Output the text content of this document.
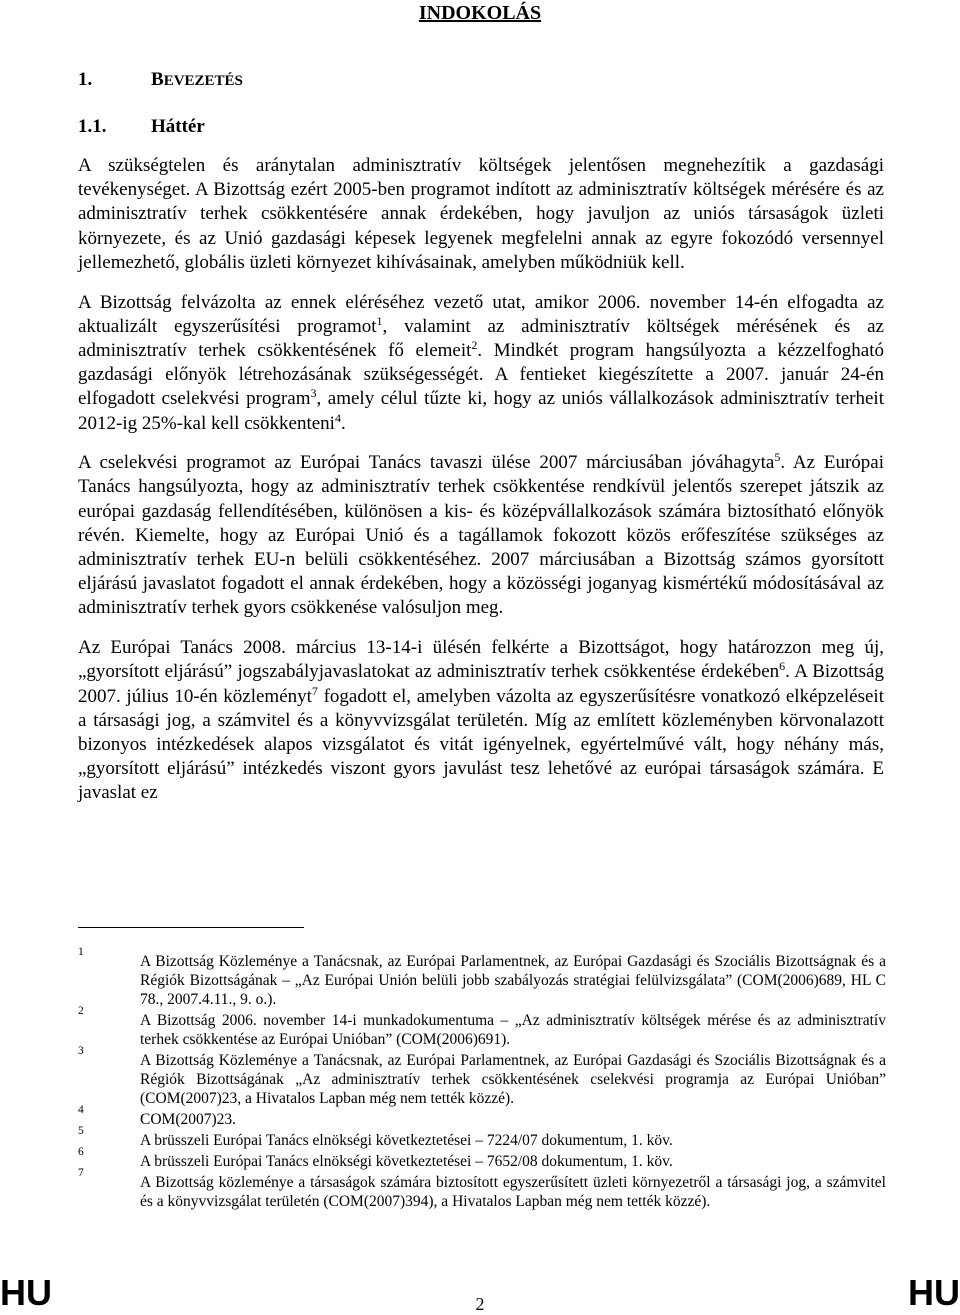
INDOKOLÁS
1.	BEVEZETÉS
1.1. Háttér

A szükségtelen és aránytalan adminisztratív költségek jelentősen megnehezítik a gazdasági tevékenységet. A Bizottság ezért 2005-ben programot indított az adminisztratív költségek mérésére és az adminisztratív terhek csökkentésére annak érdekében, hogy javuljon az uniós társaságok üzleti környezete, és az Unió gazdasági képesek legyenek megfelelni annak az egyre fokozódó versennyel jellemezhető, globális üzleti környezet kihívásainak, amelyben működniük kell.

A Bizottság felvázolta az ennek eléréséhez vezető utat, amikor 2006. november 14-én elfogadta az aktualizált egyszerűsítési programot$^1$, valamint az adminisztratív költségek mérésének és az adminisztratív terhek csökkentésének fő elemeit$^2$. Mindkét program hangsúlyozta a kézzelfogható gazdasági előnyök létrehozásának szükségességét. A fentieket kiegészítette a 2007. január 24-én elfogadott cselekvési program$^3$, amely célul tűzte ki, hogy az uniós vállalkozások adminisztratív terheit 2012-ig 25%-kal kell csökkenteni$^4$.

A cselekvési programot az Európai Tanács tavaszi ülése 2007 márciusában jóváhagyta$^5$. Az Európai Tanács hangsúlyozta, hogy az adminisztratív terhek csökkentése rendkívül jelentős szerepet játszik az európai gazdaság fellendítésében, különösen a kis- és középvállalkozások számára biztosítható előnyök révén. Kiemelte, hogy az Európai Unió és a tagállamok fokozott közös erőfeszítése szükséges az adminisztratív terhek EU-n belüli csökkentéséhez. 2007 márciusában a Bizottság számos gyorsított eljárású javaslatot fogadott el annak érdekében, hogy a közösségi joganyag kismértékű módosításával az adminisztratív terhek gyors csökkenése valósuljon meg.

Az Európai Tanács 2008. március 13-14-i ülésén felkérte a Bizottságot, hogy határozzon meg új, „gyorsított eljárású” jogszabályjavaslatokat az adminisztratív terhek csökkentése érdekében$^6$. A Bizottság 2007. július 10-én közleményt$^7$ fogadott el, amelyben vázolta az egyszerűsítésre vonatkozó elképzeléseit a társasági jog, a számvitel és a könyvvizsgálat területén. Míg az említett közleményben körvonalazott bizonyos intézkedések alapos vizsgálatot és vitát igényelnek, egyértelművé vált, hogy néhány más, „gyorsított eljárású” intézkedés viszont gyors javulást tesz lehetővé az európai társaságok számára. E javaslat ez

1
A Bizottság Közleménye a Tanácsnak, az Európai Parlamentnek, az Európai Gazdasági és Szociális Bizottságnak és a Régiók Bizottságának – „Az Európai Unión belüli jobb szabályozás stratégiai felülvizsgálata” (COM(2006)689, HL C 78., 2007.4.11., 9. o.).
2
A Bizottság 2006. november 14-i munkadokumentuma – „Az adminisztratív költségek mérése és az adminisztratív terhek csökkentése az Európai Unióban” (COM(2006)691).
3
A Bizottság Közleménye a Tanácsnak, az Európai Parlamentnek, az Európai Gazdasági és Szociális Bizottságnak és a Régiók Bizottságának „Az adminisztratív terhek csökkentésének cselekvési programja az Európai Unióban” (COM(2007)23, a Hivatalos Lapban még nem tették közzé).
4
COM(2007)23.
5
A brüsszeli Európai Tanács elnökségi következtetései – 7224/07 dokumentum, 1. köv.
6
A brüsszeli Európai Tanács elnökségi következtetései – 7652/08 dokumentum, 1. köv.
7
A Bizottság közleménye a társaságok számára biztosított egyszerűsített üzleti környezetről a társasági jog, a számvitel és a könyvvizsgálat területén (COM(2007)394), a Hivatalos Lapban még nem tették közzé).
HU	2	HU
